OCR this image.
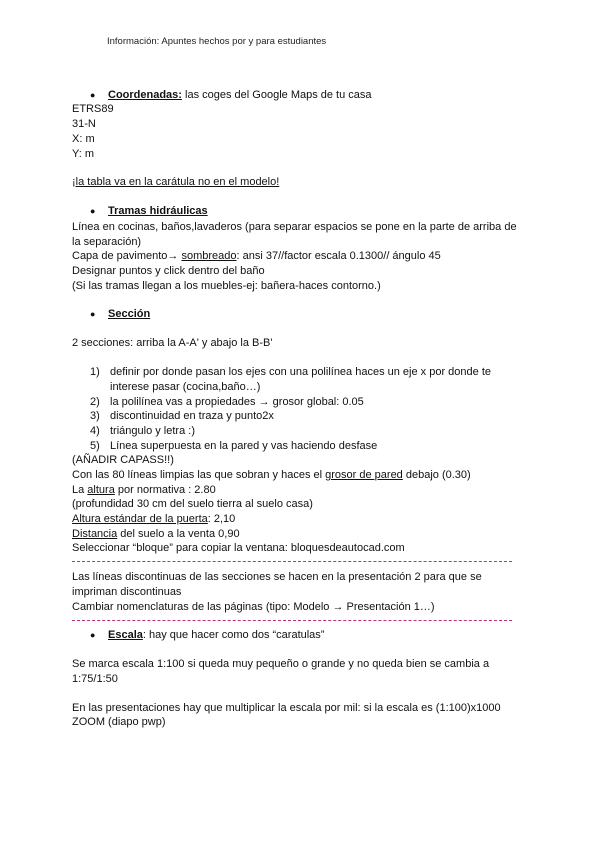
Información: Apuntes hechos por y para estudiantes
● Coordenadas: las coges del Google Maps de tu casa
ETRS89
31-N
X: m
Y: m
¡la tabla va en la carátula no en el modelo!
● Tramas hidráulicas
Línea en cocinas, baños,lavaderos (para separar espacios se pone en la parte de arriba de
la separación)
Capa de pavimento→ sombreado: ansi 37//factor escala 0.1300// ángulo 45
Designar puntos y click dentro del baño
(Si las tramas llegan a los muebles-ej: bañera-haces contorno.)
● Sección
2 secciones: arriba la A-A' y abajo la B-B'
1) definir por donde pasan los ejes con una polilínea haces un eje x por donde te
interese pasar (cocina,baño…)
2) la polilínea vas a propiedades → grosor global: 0.05
3) discontinuidad en traza y punto2x
4) triángulo y letra :)
5) Línea superpuesta en la pared y vas haciendo desfase
(AÑADIR CAPASS!!)
Con las 80 líneas limpias las que sobran y haces el grosor de pared debajo (0.30)
La altura por normativa : 2.80
(profundidad 30 cm del suelo tierra al suelo casa)
Altura estándar de la puerta: 2,10
Distancia del suelo a la venta 0,90
Seleccionar “bloque” para copiar la ventana: bloquesdeautocad.com
Las líneas discontinuas de las secciones se hacen en la presentación 2 para que se
impriman discontinuas
Cambiar nomenclaturas de las páginas (tipo: Modelo → Presentación 1…)
● Escala: hay que hacer como dos “caratulas”
Se marca escala 1:100 si queda muy pequeño o grande y no queda bien se cambia a
1:75/1:50
En las presentaciones hay que multiplicar la escala por mil: si la escala es (1:100)x1000
ZOOM (diapo pwp)
